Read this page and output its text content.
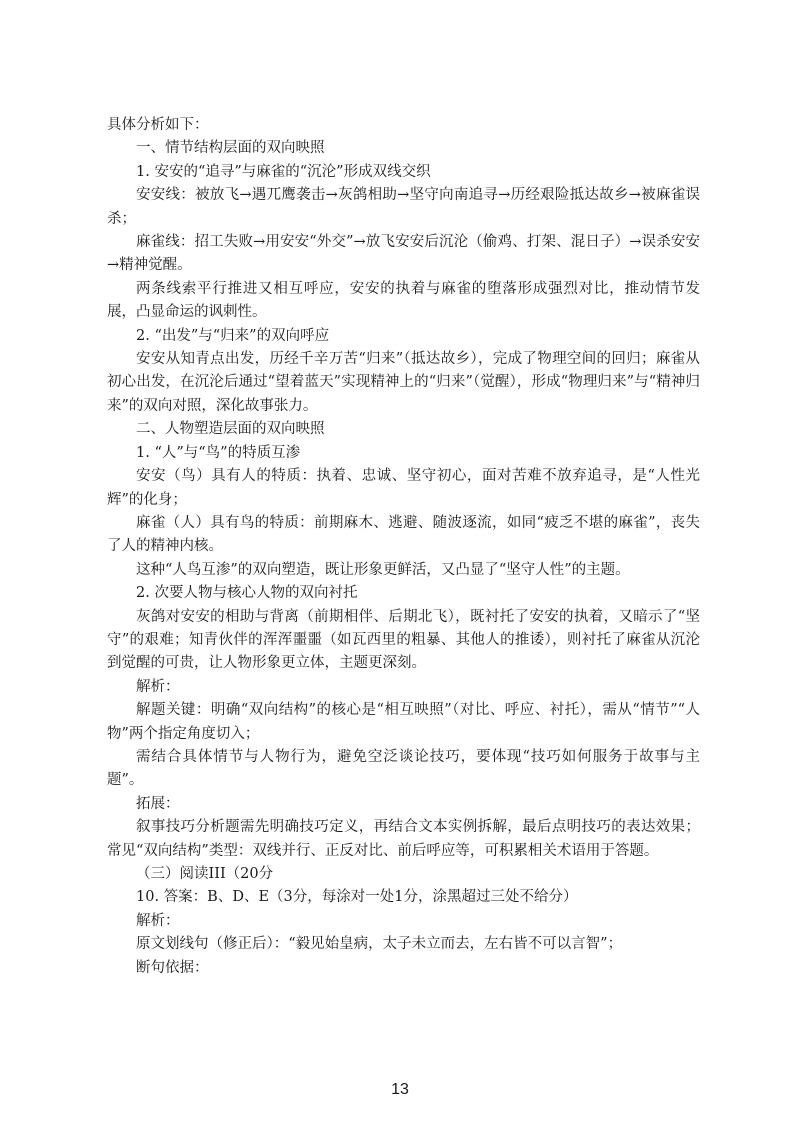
具体分析如下：

一、情节结构层面的双向映照

1. 安安的“追寻”与麻雀的“沉沦”形成双线交织

安安线：被放飞→遇兀鹰袭击→灰鸽相助→坚守向南追寻→历经艰险抵达故乡→被麻雀误杀；

麻雀线：招工失败→用安安“外交”→放飞安安后沉沦（偷鸡、打架、混日子）→误杀安安→精神觉醒。

两条线索平行推进又相互呼应，安安的执着与麻雀的堕落形成强烈对比，推动情节发展，凸显命运的讽刺性。

2. “出发”与“归来”的双向呼应

安安从知青点出发，历经千辛万苦“归来”（抵达故乡），完成了物理空间的回归；麻雀从初心出发，在沉沦后通过“望着蓝天”实现精神上的“归来”（觉醒），形成“物理归来”与“精神归来”的双向对照，深化故事张力。

二、人物塑造层面的双向映照

1. “人”与“鸟”的特质互渗

安安（鸟）具有人的特质：执着、忠诚、坚守初心，面对苦难不放弃追寻，是“人性光辉”的化身；

麻雀（人）具有鸟的特质：前期麻木、逃避、随波逐流，如同“疲乏不堪的麻雀”，丧失了人的精神内核。

这种“人鸟互渗”的双向塑造，既让形象更鲜活，又凸显了“坚守人性”的主题。

2. 次要人物与核心人物的双向衬托

灰鸽对安安的相助与背离（前期相伴、后期北飞），既衬托了安安的执着，又暗示了“坚守”的艰难；知青伙伴的浑浑噩噩（如瓦西里的粗暴、其他人的推诿），则衬托了麻雀从沉沦到觉醒的可贵，让人物形象更立体，主题更深刻。

解析：

解题关键：明确“双向结构”的核心是“相互映照”（对比、呼应、衬托），需从“情节”“人物”两个指定角度切入；

需结合具体情节与人物行为，避免空泛谈论技巧，要体现“技巧如何服务于故事与主题”。

拓展：

叙事技巧分析题需先明确技巧定义，再结合文本实例拆解，最后点明技巧的表达效果；常见“双向结构”类型：双线并行、正反对比、前后呼应等，可积累相关术语用于答题。

（三）阅读III（20分

10. 答案：B、D、E（3分，每涂对一处1分，涂黑超过三处不给分）

解析：

原文划线句（修正后）：“毅见始皇病，太子未立而去，左右皆不可以言智”；

断句依据：

13
